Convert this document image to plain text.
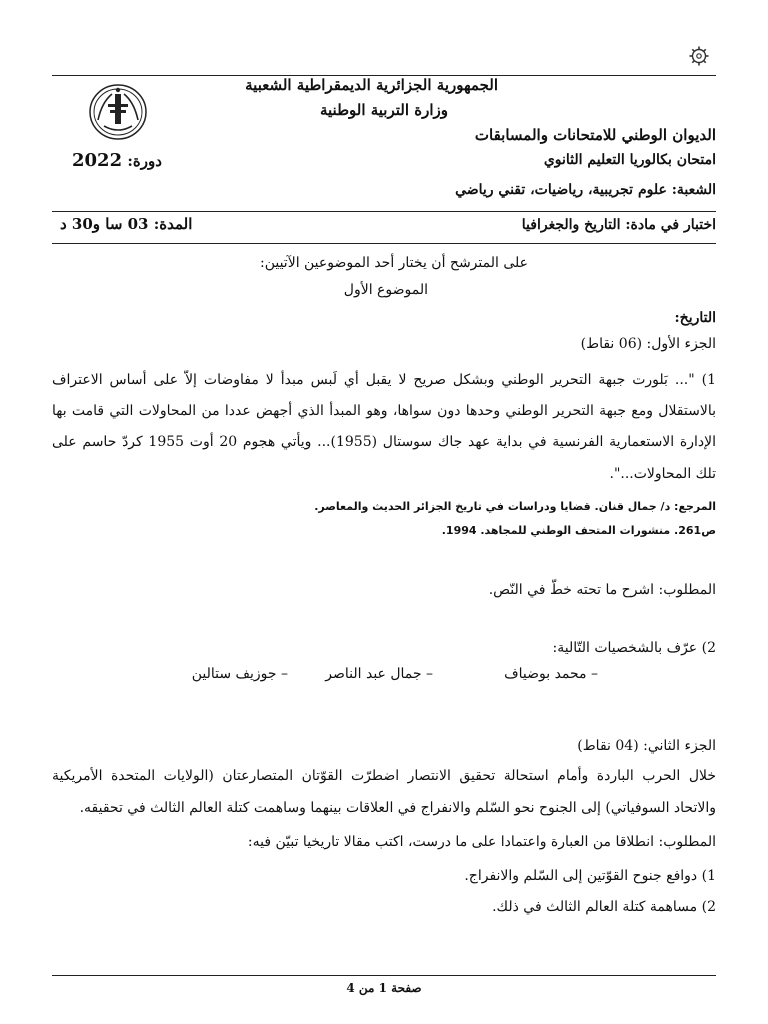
الجمهورية الجزائرية الديمقراطية الشعبية
وزارة التربية الوطنية
الديوان الوطني للامتحانات والمسابقات
امتحان بكالوريا التعليم الثانوي
دورة: 2022
الشعبة: علوم تجريبية، رياضيات، تقني رياضي
اختبار في مادة: التاريخ والجغرافيا
المدة: 03 سا و30 د
على المترشح أن يختار أحد الموضوعين الآتيين:
الموضوع الأول
التاريخ:
الجزء الأول: (06 نقاط)
1) "... بَلورت جبهة التحرير الوطني وبشكل صريح لا يقبل أي لَبس مبدأ لا مفاوضات إلاّ على أساس الاعتراف
بالاستقلال ومع جبهة التحرير الوطني وحدها دون سواها، وهو المبدأ الذي أجهض عددا من المحاولات التي قامت بها
الإدارة الاستعمارية الفرنسية في بداية عهد جاك سوستال (1955)... ويأتي هجوم 20 أوت 1955 كردّ حاسم على
تلك المحاولات...".
المرجع: د/ جمال قنان. قضايا ودراسات في تاريخ الجزائر الحديث والمعاصر.
ص261. منشورات المتحف الوطني للمجاهد. 1994.
المطلوب: اشرح ما تحته خطّ في النّص.
2) عرّف بالشخصيات التّالية:
– محمد بوضياف
– جمال عبد الناصر
– جوزيف ستالين
الجزء الثاني: (04 نقاط)
خلال الحرب الباردة وأمام استحالة تحقيق الانتصار اضطرّت القوّتان المتصارعتان (الولايات المتحدة الأمريكية
والاتحاد السوفياتي) إلى الجنوح نحو السّلم والانفراج في العلاقات بينهما وساهمت كتلة العالم الثالث في تحقيقه.
المطلوب: انطلاقا من العبارة واعتمادا على ما درست، اكتب مقالا تاريخيا تبيّن فيه:
1) دوافع جنوح القوّتين إلى السّلم والانفراج.
2) مساهمة كتلة العالم الثالث في ذلك.
صفحة 1 من 4
